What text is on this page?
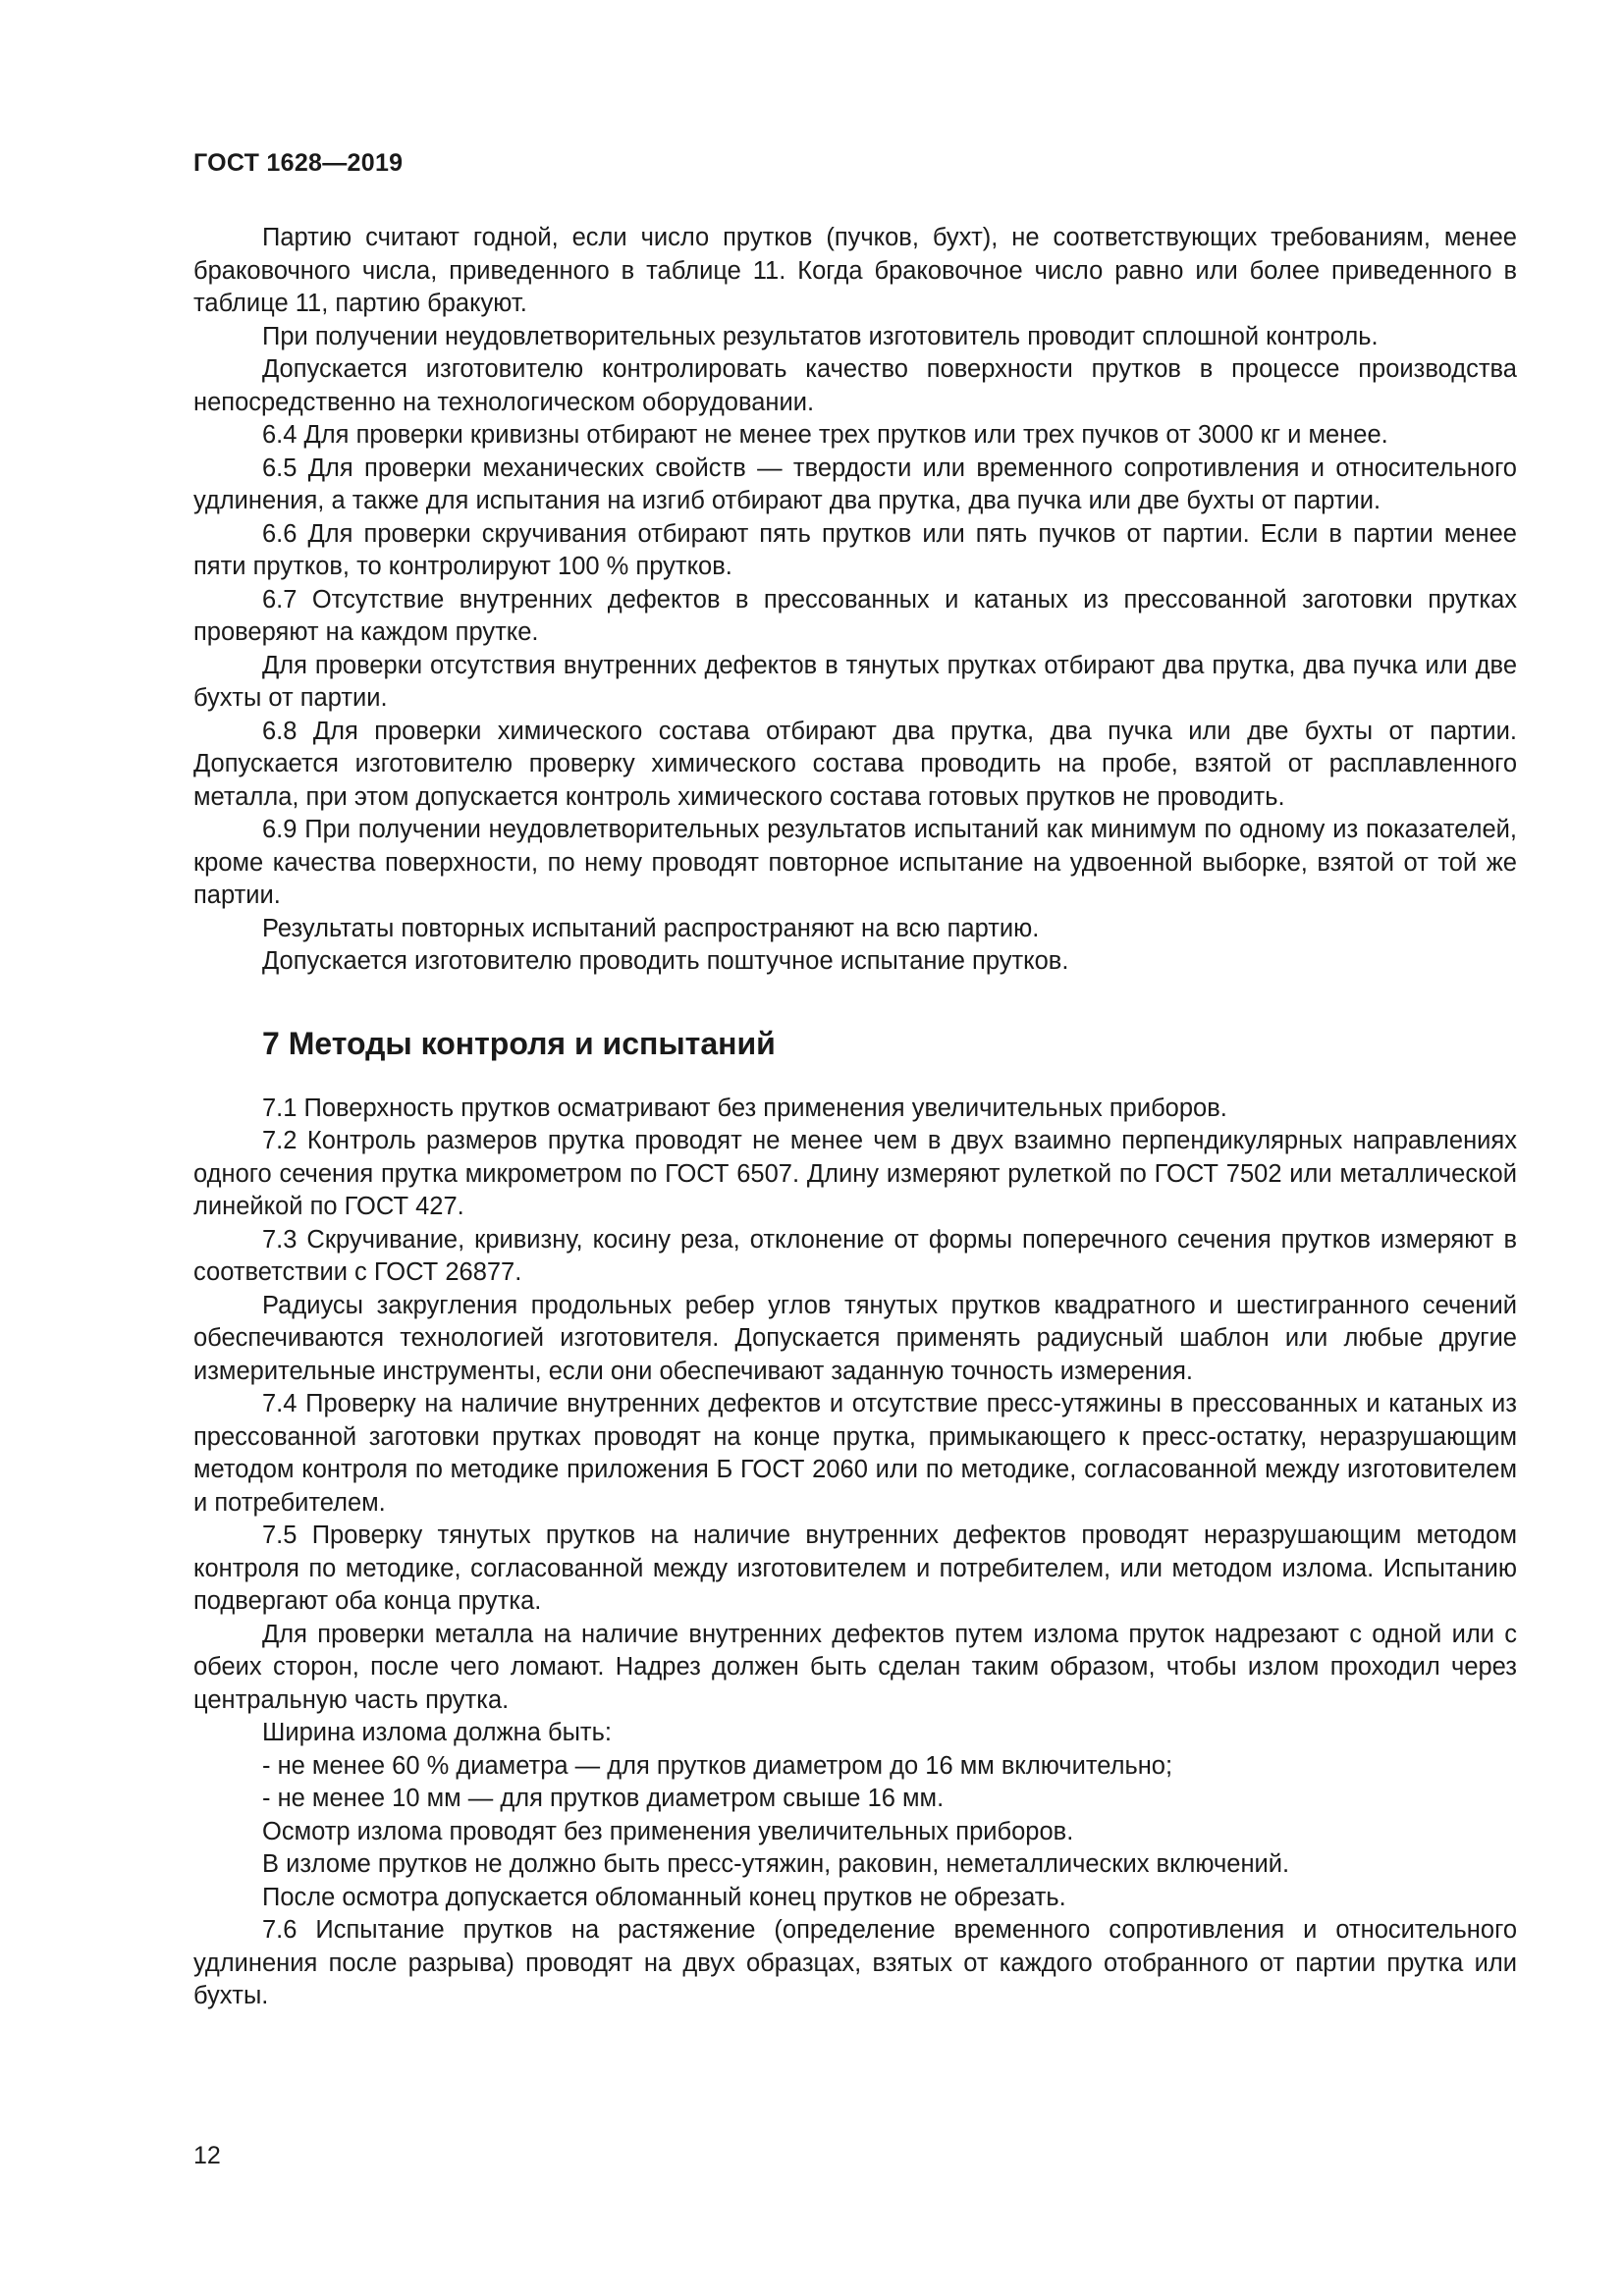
ГОСТ 1628—2019

Партию считают годной, если число прутков (пучков, бухт), не соответствующих требованиям, менее браковочного числа, приведенного в таблице 11. Когда браковочное число равно или более приведенного в таблице 11, партию бракуют.

При получении неудовлетворительных результатов изготовитель проводит сплошной контроль.

Допускается изготовителю контролировать качество поверхности прутков в процессе производства непосредственно на технологическом оборудовании.

6.4 Для проверки кривизны отбирают не менее трех прутков или трех пучков от 3000 кг и менее.

6.5 Для проверки механических свойств — твердости или временного сопротивления и относительного удлинения, а также для испытания на изгиб отбирают два прутка, два пучка или две бухты от партии.

6.6 Для проверки скручивания отбирают пять прутков или пять пучков от партии. Если в партии менее пяти прутков, то контролируют 100 % прутков.

6.7 Отсутствие внутренних дефектов в прессованных и катаных из прессованной заготовки прутках проверяют на каждом прутке.

Для проверки отсутствия внутренних дефектов в тянутых прутках отбирают два прутка, два пучка или две бухты от партии.

6.8 Для проверки химического состава отбирают два прутка, два пучка или две бухты от партии. Допускается изготовителю проверку химического состава проводить на пробе, взятой от расплавленного металла, при этом допускается контроль химического состава готовых прутков не проводить.

6.9 При получении неудовлетворительных результатов испытаний как минимум по одному из показателей, кроме качества поверхности, по нему проводят повторное испытание на удвоенной выборке, взятой от той же партии.

Результаты повторных испытаний распространяют на всю партию.

Допускается изготовителю проводить поштучное испытание прутков.

7 Методы контроля и испытаний

7.1 Поверхность прутков осматривают без применения увеличительных приборов.

7.2 Контроль размеров прутка проводят не менее чем в двух взаимно перпендикулярных направлениях одного сечения прутка микрометром по ГОСТ 6507. Длину измеряют рулеткой по ГОСТ 7502 или металлической линейкой по ГОСТ 427.

7.3 Скручивание, кривизну, косину реза, отклонение от формы поперечного сечения прутков измеряют в соответствии с ГОСТ 26877.

Радиусы закругления продольных ребер углов тянутых прутков квадратного и шестигранного сечений обеспечиваются технологией изготовителя. Допускается применять радиусный шаблон или любые другие измерительные инструменты, если они обеспечивают заданную точность измерения.

7.4 Проверку на наличие внутренних дефектов и отсутствие пресс-утяжины в прессованных и катаных из прессованной заготовки прутках проводят на конце прутка, примыкающего к пресс-остатку, неразрушающим методом контроля по методике приложения Б ГОСТ 2060 или по методике, согласованной между изготовителем и потребителем.

7.5 Проверку тянутых прутков на наличие внутренних дефектов проводят неразрушающим методом контроля по методике, согласованной между изготовителем и потребителем, или методом излома. Испытанию подвергают оба конца прутка.

Для проверки металла на наличие внутренних дефектов путем излома пруток надрезают с одной или с обеих сторон, после чего ломают. Надрез должен быть сделан таким образом, чтобы излом проходил через центральную часть прутка.

Ширина излома должна быть:

- не менее 60 % диаметра — для прутков диаметром до 16 мм включительно;

- не менее 10 мм — для прутков диаметром свыше 16 мм.

Осмотр излома проводят без применения увеличительных приборов.

В изломе прутков не должно быть пресс-утяжин, раковин, неметаллических включений.

После осмотра допускается обломанный конец прутков не обрезать.

7.6 Испытание прутков на растяжение (определение временного сопротивления и относительного удлинения после разрыва) проводят на двух образцах, взятых от каждого отобранного от партии прутка или бухты.

12
